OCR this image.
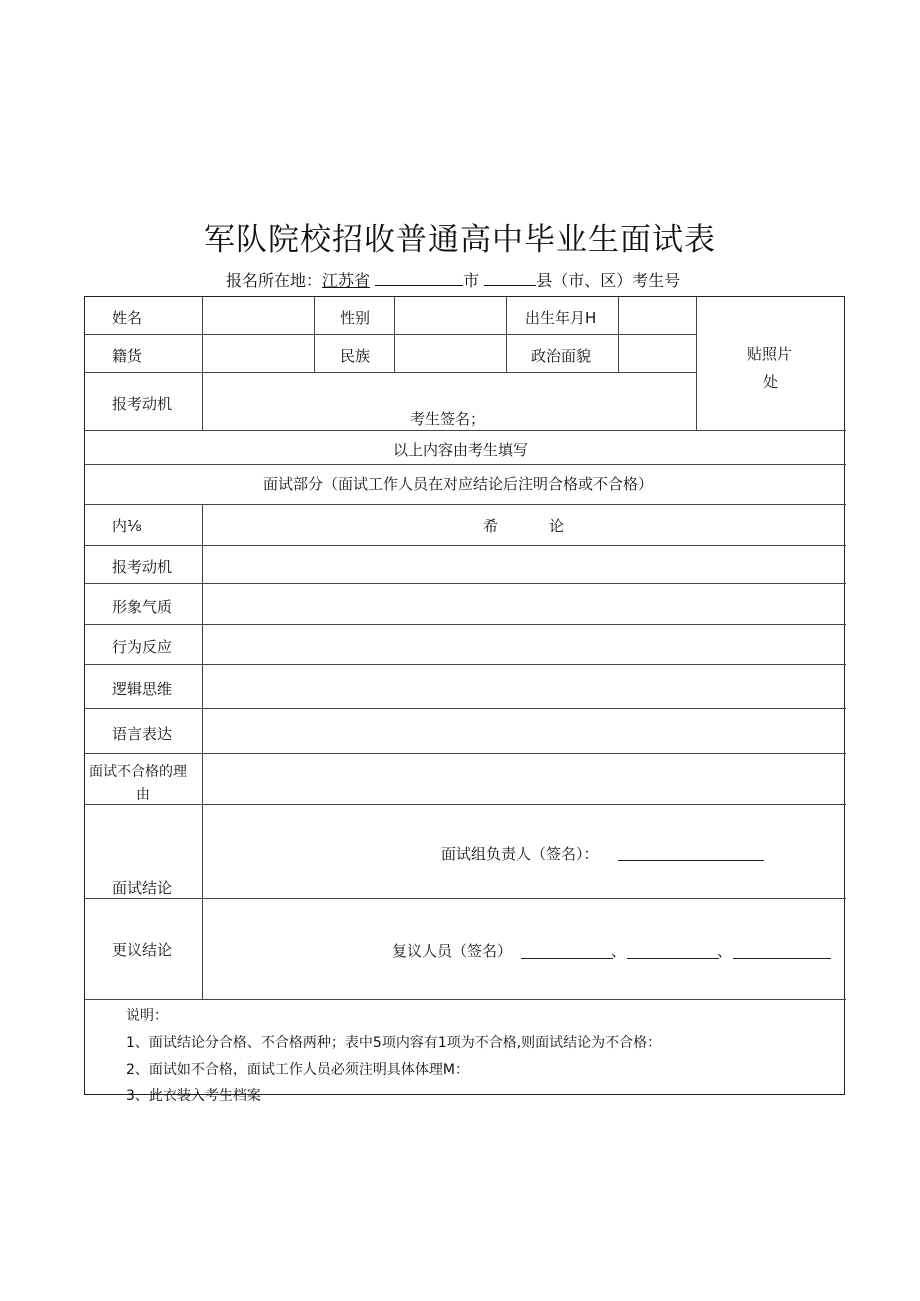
军队院校招收普通高中毕业生面试表
报名所在地：江苏省	市	县（市、区）考生号
姓名	性别	出生年月H
贴照片
处
籍货	民族	政治面貌
报考动机
考生签名；
以上内容由考生填写
面试部分（面试工作人员在对应结论后注明合格或不合格）
内⅛	希	论
报考动机
形象气质
行为反应
逻辑思维
语言表达
面试不合格的理
由
面试结论
面试组负责人（签名）：
更议结论	复议人员（签名）	、	、
说明：
1、面试结论分合格、不合格两种；表中5项内容有1项为不合格,则面试结论为不合格：
2、面试如不合格，面试工作人员必须注明具体体理M：
3、此衣装入考生档案
